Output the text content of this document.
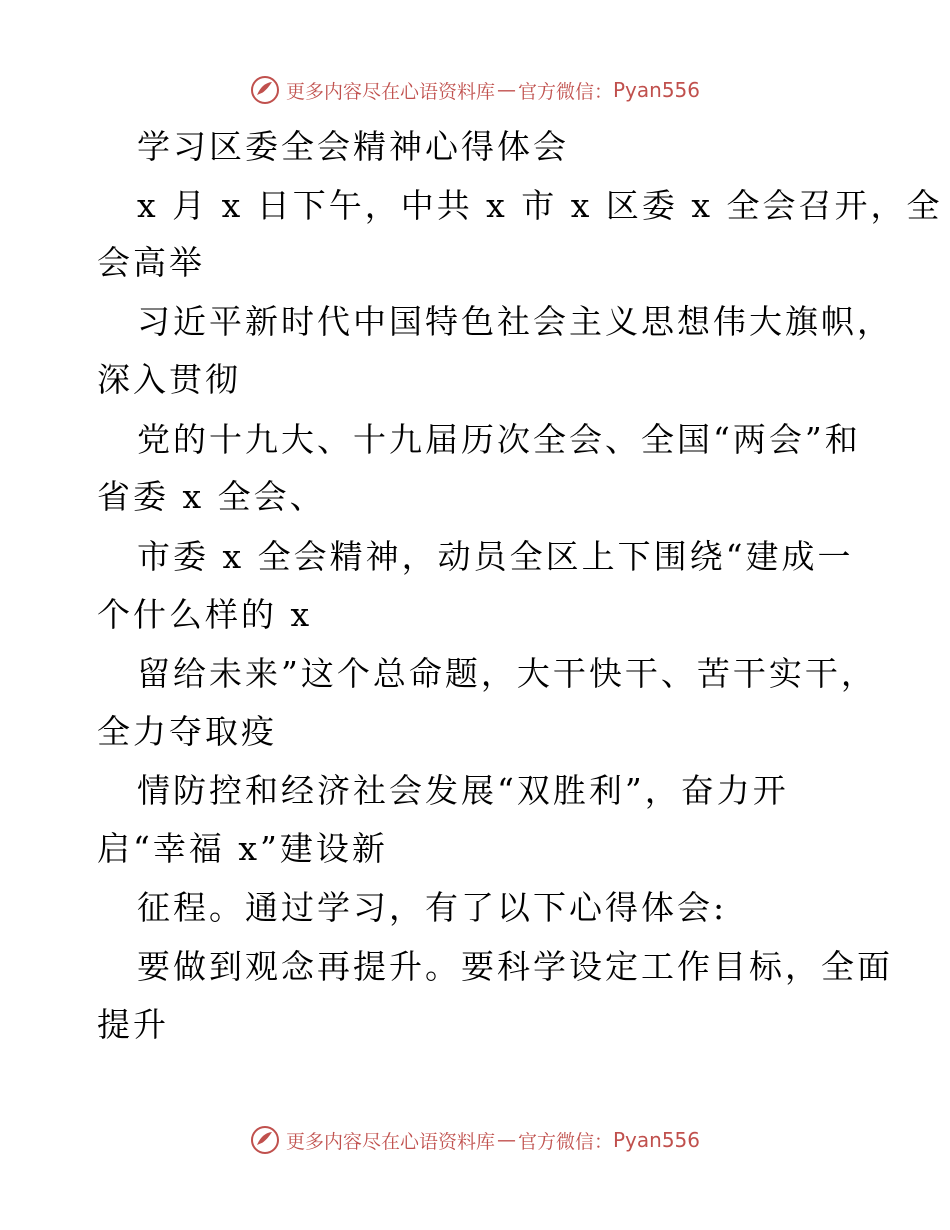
更多内容尽在心语资料库 — 官方微信： Pyan556
学习区委全会精神心得体会
x 月 x 日下午，中共 x 市 x 区委 x 全会召开，全
会高举
习近平新时代中国特色社会主义思想伟大旗帜，
深入贯彻
党的十九大、十九届历次全会、全国“两会”和
省委 x 全会、
市委 x 全会精神，动员全区上下围绕“建成一
个什么样的 x
留给未来”这个总命题，大干快干、苦干实干，
全力夺取疫
情防控和经济社会发展“双胜利”，奋力开
启“幸福 x”建设新
征程。通过学习，有了以下心得体会:
要做到观念再提升。要科学设定工作目标，全面
提升
更多内容尽在心语资料库 — 官方微信： Pyan556
